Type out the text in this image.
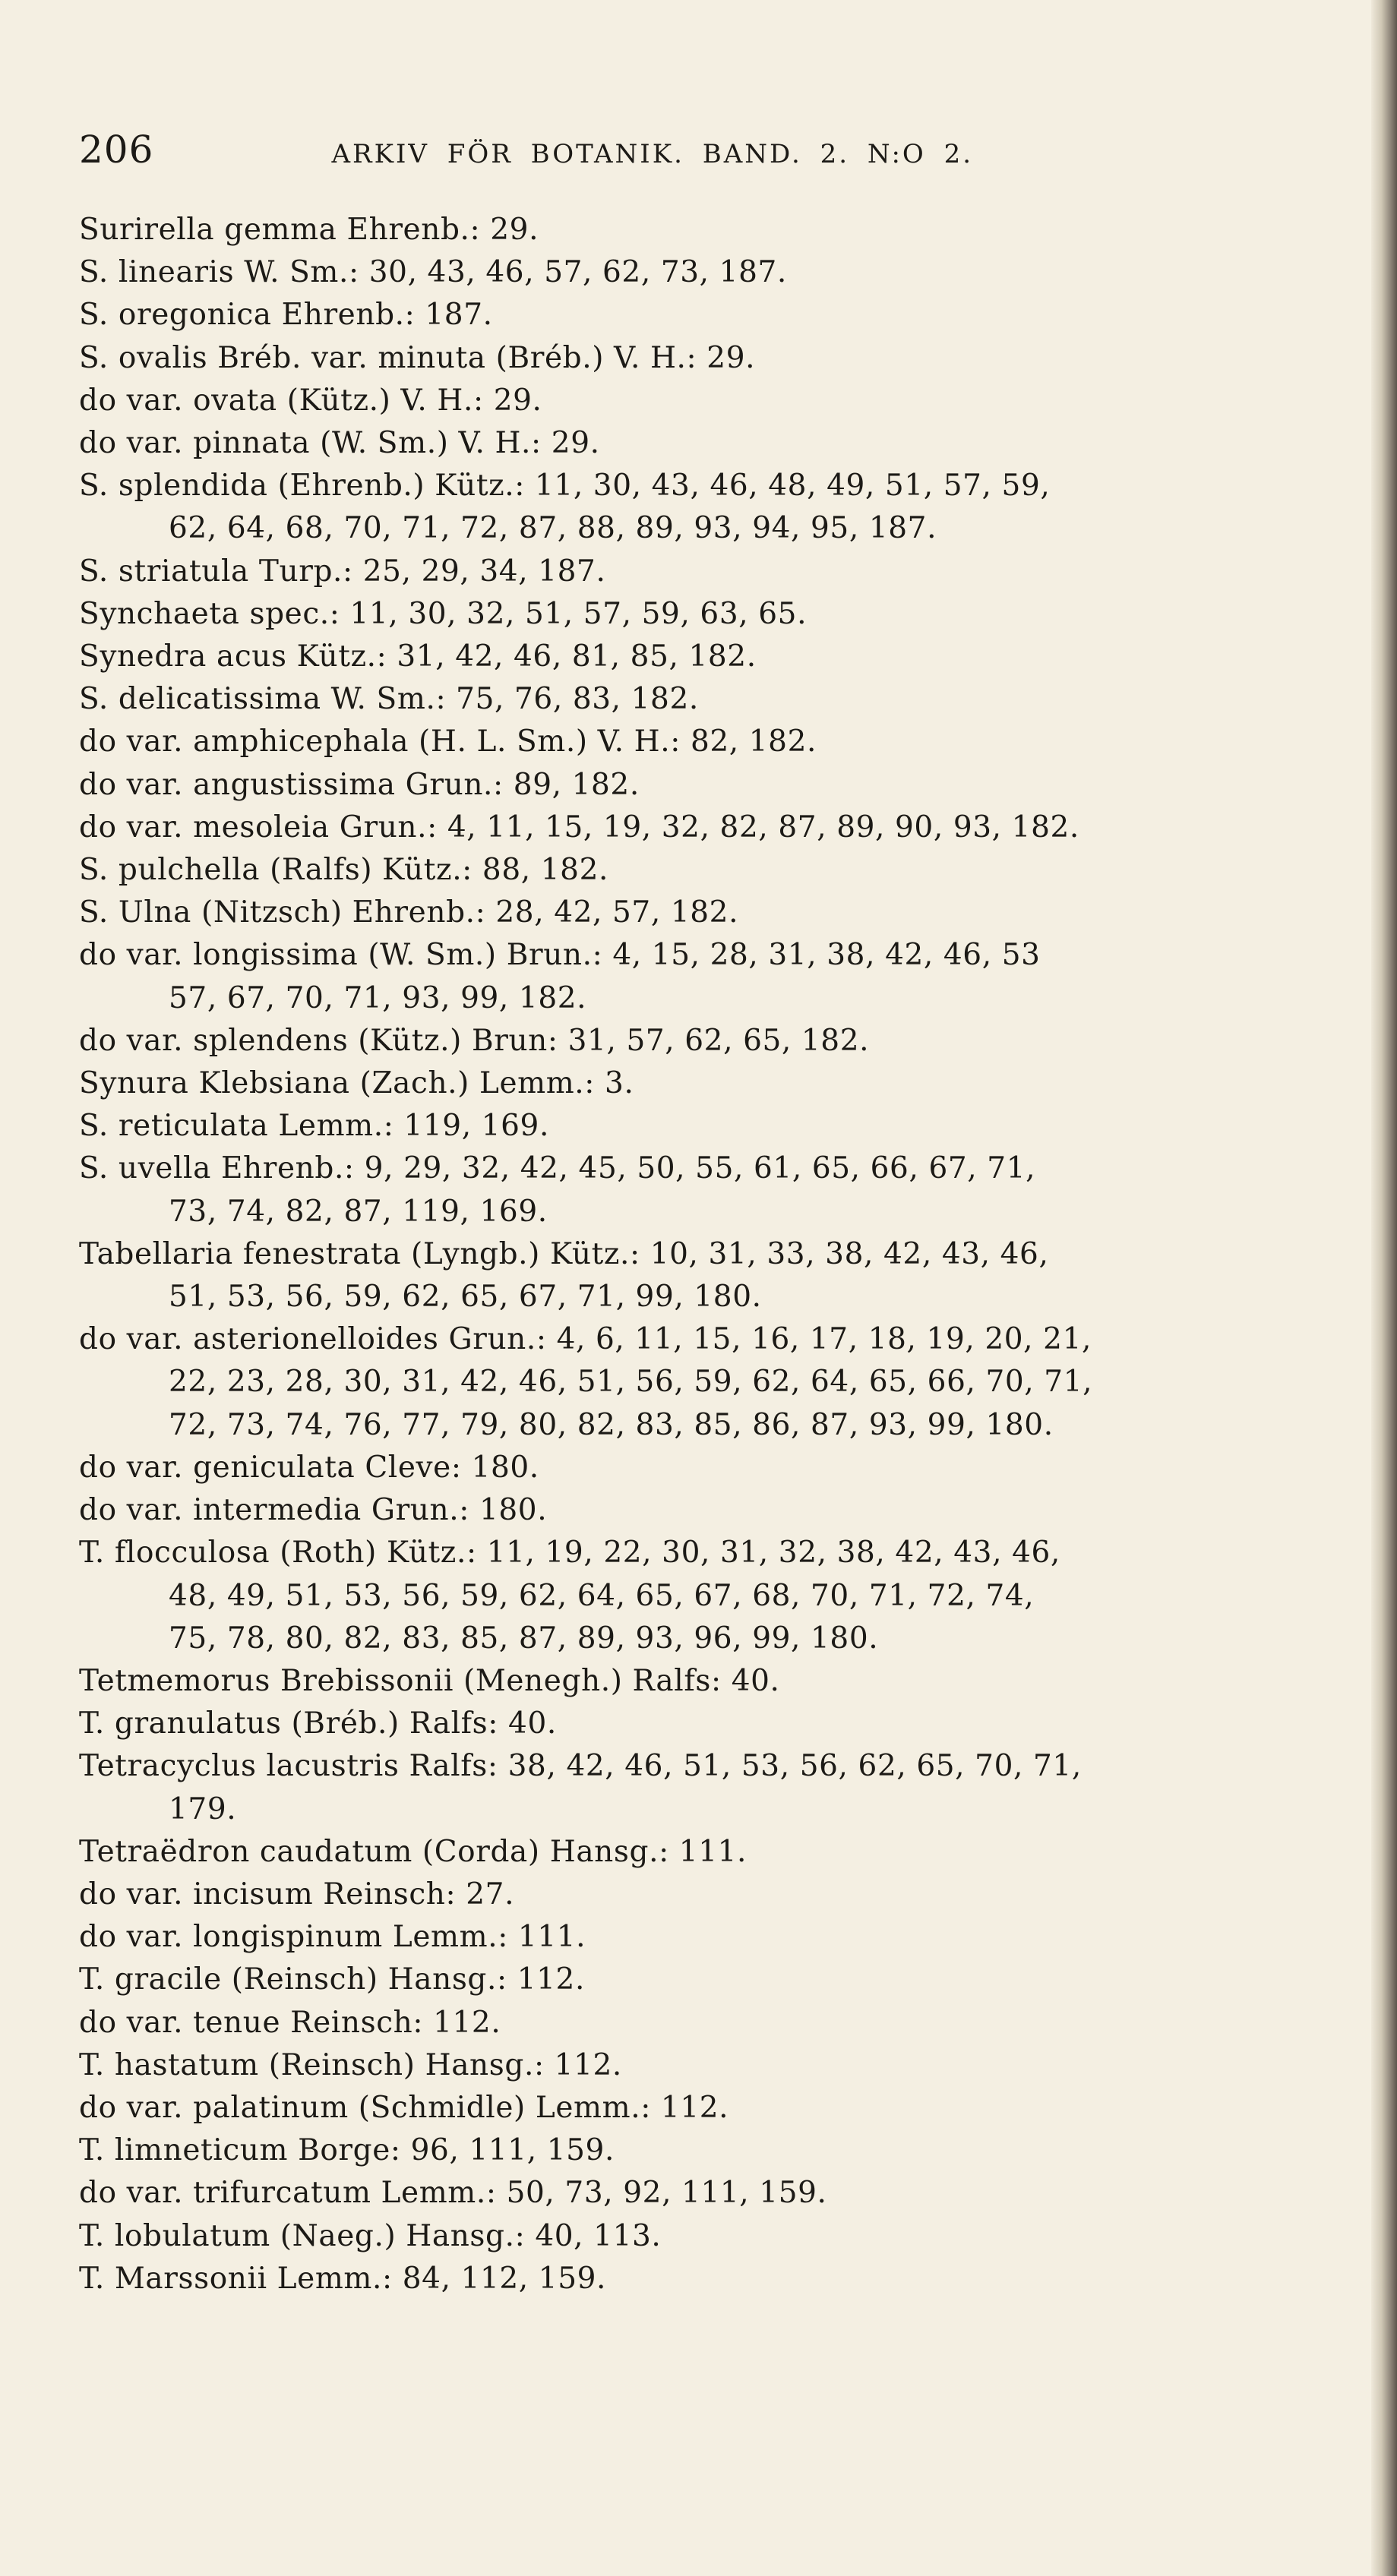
206	ARKIV FÖR BOTANIK. BAND. 2. N:O 2.
Surirella gemma Ehrenb.: 29.
S. linearis W. Sm.: 30, 43, 46, 57, 62, 73, 187.
S. oregonica Ehrenb.: 187.
S. ovalis Bréb. var. minuta (Bréb.) V. H.: 29.
do var. ovata (Kütz.) V. H.: 29.
do var. pinnata (W. Sm.) V. H.: 29.
S. splendida (Ehrenb.) Kütz.: 11, 30, 43, 46, 48, 49, 51, 57, 59,
62, 64, 68, 70, 71, 72, 87, 88, 89, 93, 94, 95, 187.
S. striatula Turp.: 25, 29, 34, 187.
Synchaeta spec.: 11, 30, 32, 51, 57, 59, 63, 65.
Synedra acus Kütz.: 31, 42, 46, 81, 85, 182.
S. delicatissima W. Sm.: 75, 76, 83, 182.
do var. amphicephala (H. L. Sm.) V. H.: 82, 182.
do var. angustissima Grun.: 89, 182.
do var. mesoleia Grun.: 4, 11, 15, 19, 32, 82, 87, 89, 90, 93, 182.
S. pulchella (Ralfs) Kütz.: 88, 182.
S. Ulna (Nitzsch) Ehrenb.: 28, 42, 57, 182.
do var. longissima (W. Sm.) Brun.: 4, 15, 28, 31, 38, 42, 46, 53
57, 67, 70, 71, 93, 99, 182.
do var. splendens (Kütz.) Brun: 31, 57, 62, 65, 182.
Synura Klebsiana (Zach.) Lemm.: 3.
S. reticulata Lemm.: 119, 169.
S. uvella Ehrenb.: 9, 29, 32, 42, 45, 50, 55, 61, 65, 66, 67, 71,
73, 74, 82, 87, 119, 169.
Tabellaria fenestrata (Lyngb.) Kütz.: 10, 31, 33, 38, 42, 43, 46,
51, 53, 56, 59, 62, 65, 67, 71, 99, 180.
do var. asterionelloides Grun.: 4, 6, 11, 15, 16, 17, 18, 19, 20, 21,
22, 23, 28, 30, 31, 42, 46, 51, 56, 59, 62, 64, 65, 66, 70, 71,
72, 73, 74, 76, 77, 79, 80, 82, 83, 85, 86, 87, 93, 99, 180.
do var. geniculata Cleve: 180.
do var. intermedia Grun.: 180.
T. flocculosa (Roth) Kütz.: 11, 19, 22, 30, 31, 32, 38, 42, 43, 46,
48, 49, 51, 53, 56, 59, 62, 64, 65, 67, 68, 70, 71, 72, 74,
75, 78, 80, 82, 83, 85, 87, 89, 93, 96, 99, 180.
Tetmemorus Brebissonii (Menegh.) Ralfs: 40.
T. granulatus (Bréb.) Ralfs: 40.
Tetracyclus lacustris Ralfs: 38, 42, 46, 51, 53, 56, 62, 65, 70, 71,
179.
Tetraëdron caudatum (Corda) Hansg.: 111.
do var. incisum Reinsch: 27.
do var. longispinum Lemm.: 111.
T. gracile (Reinsch) Hansg.: 112.
do var. tenue Reinsch: 112.
T. hastatum (Reinsch) Hansg.: 112.
do var. palatinum (Schmidle) Lemm.: 112.
T. limneticum Borge: 96, 111, 159.
do var. trifurcatum Lemm.: 50, 73, 92, 111, 159.
T. lobulatum (Naeg.) Hansg.: 40, 113.
T. Marssonii Lemm.: 84, 112, 159.
